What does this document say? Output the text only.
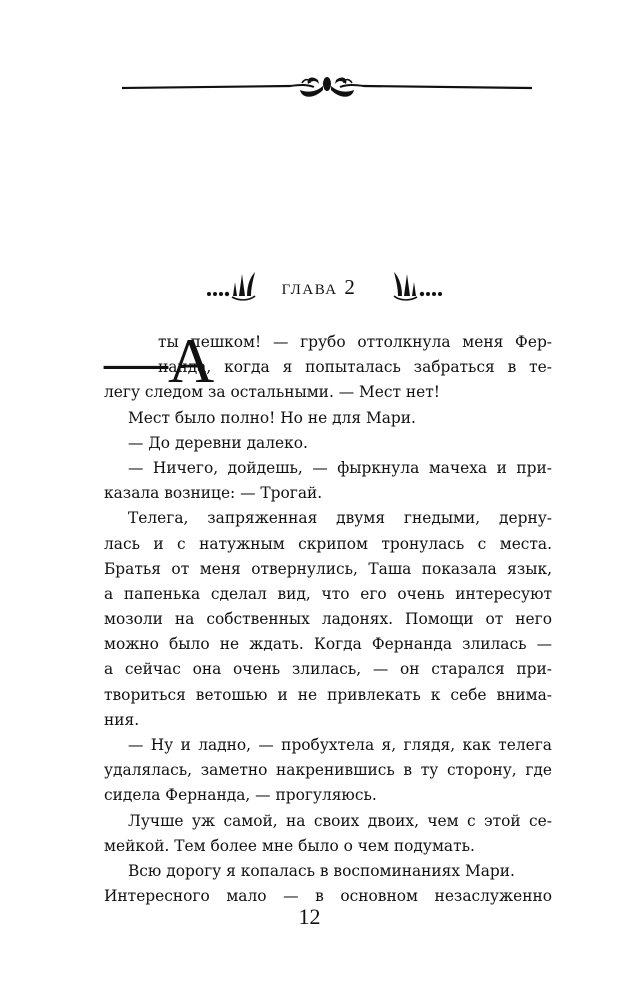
глава 2
—А
ты пешком! — грубо оттолкнула меня Фер-
нанда, когда я попыталась забраться в те-
легу следом за остальными. — Мест нет!
Мест было полно! Но не для Мари.
— До деревни далеко.
— Ничего, дойдешь, — фыркнула мачеха и при-
казала вознице: — Трогай.
Телега, запряженная двумя гнедыми, дерну-
лась и с натужным скрипом тронулась с места.
Братья от меня отвернулись, Таша показала язык,
а папенька сделал вид, что его очень интересуют
мозоли на собственных ладонях. Помощи от него
можно было не ждать. Когда Фернанда злилась —
а сейчас она очень злилась, — он старался при-
твориться ветошью и не привлекать к себе внима-
ния.
— Ну и ладно, — пробухтела я, глядя, как телега
удалялась, заметно накренившись в ту сторону, где
сидела Фернанда, — прогуляюсь.
Лучше уж самой, на своих двоих, чем с этой се-
мейкой. Тем более мне было о чем подумать.
Всю дорогу я копалась в воспоминаниях Мари.
Интересного мало — в основном незаслуженно
12
